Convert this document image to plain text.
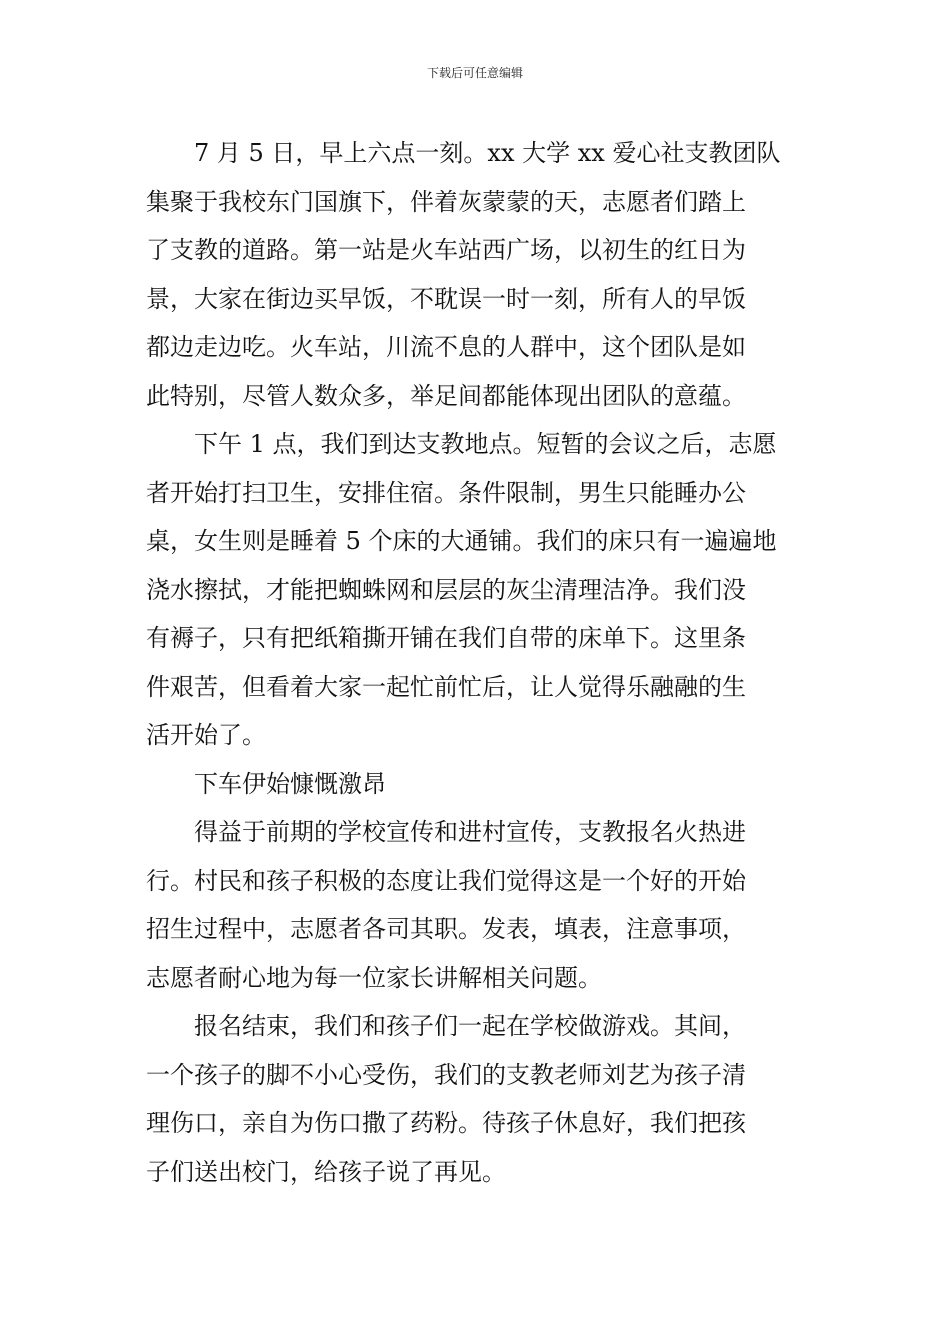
下载后可任意编辑

7 月 5 日，早上六点一刻。xx 大学 xx 爱心社支教团队
集聚于我校东门国旗下，伴着灰蒙蒙的天，志愿者们踏上
了支教的道路。第一站是火车站西广场，以初生的红日为
景，大家在街边买早饭，不耽误一时一刻，所有人的早饭
都边走边吃。火车站，川流不息的人群中，这个团队是如
此特别，尽管人数众多，举足间都能体现出团队的意蕴。

下午 1 点，我们到达支教地点。短暂的会议之后，志愿
者开始打扫卫生，安排住宿。条件限制，男生只能睡办公
桌，女生则是睡着 5 个床的大通铺。我们的床只有一遍遍地
浇水擦拭，才能把蜘蛛网和层层的灰尘清理洁净。我们没
有褥子，只有把纸箱撕开铺在我们自带的床单下。这里条
件艰苦，但看着大家一起忙前忙后，让人觉得乐融融的生
活开始了。

下车伊始慷慨激昂

得益于前期的学校宣传和进村宣传，支教报名火热进
行。村民和孩子积极的态度让我们觉得这是一个好的开始
招生过程中，志愿者各司其职。发表，填表，注意事项，
志愿者耐心地为每一位家长讲解相关问题。

报名结束，我们和孩子们一起在学校做游戏。其间，
一个孩子的脚不小心受伤，我们的支教老师刘艺为孩子清
理伤口，亲自为伤口撒了药粉。待孩子休息好，我们把孩
子们送出校门，给孩子说了再见。
